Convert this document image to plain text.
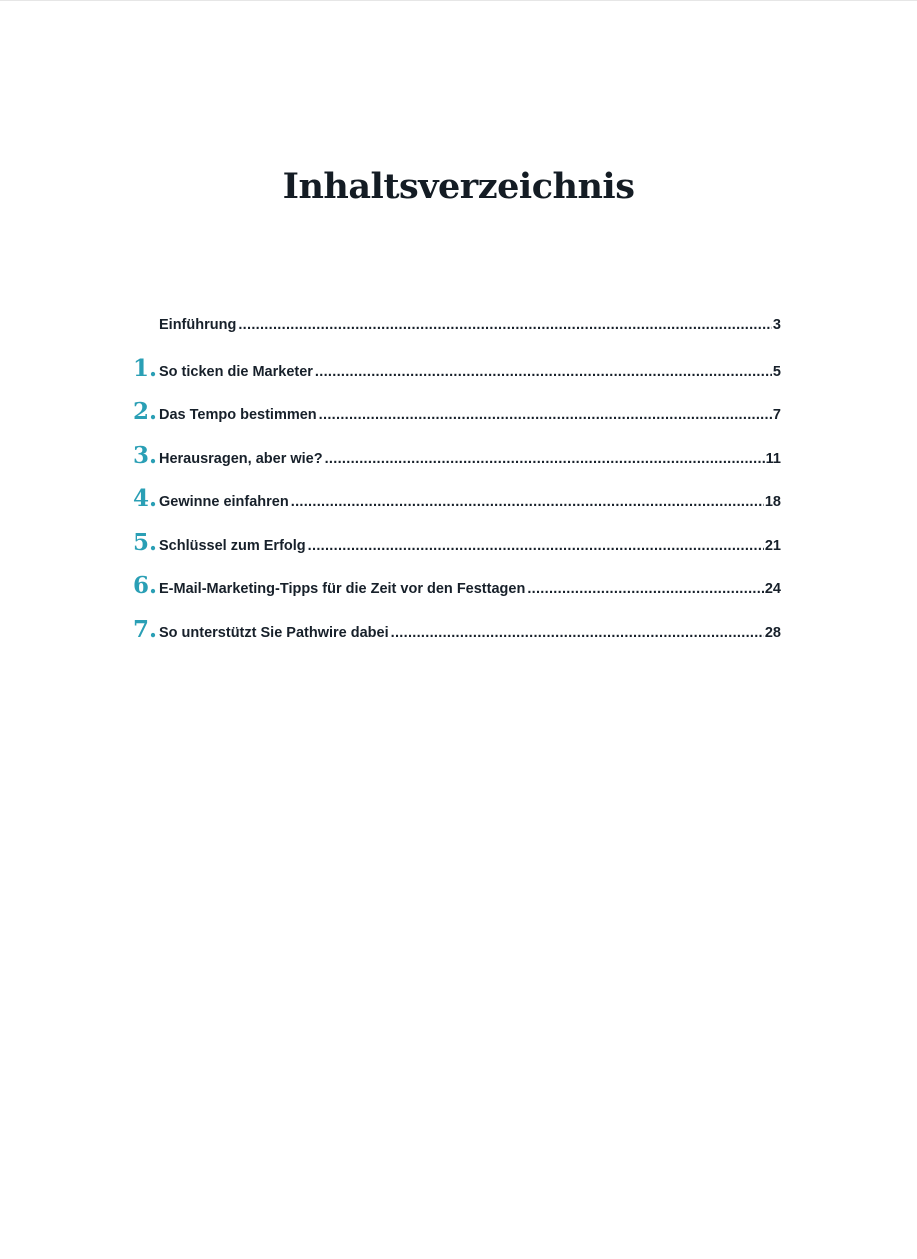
Inhaltsverzeichnis
Einführung .....	3
1. So ticken die Marketer .....	5
2. Das Tempo bestimmen .....	7
3. Herausragen, aber wie? .....	11
4. Gewinne einfahren .....	18
5. Schlüssel zum Erfolg .....	21
6. E-Mail-Marketing-Tipps für die Zeit vor den Festtagen .....	24
7. So unterstützt Sie Pathwire dabei .....	28
